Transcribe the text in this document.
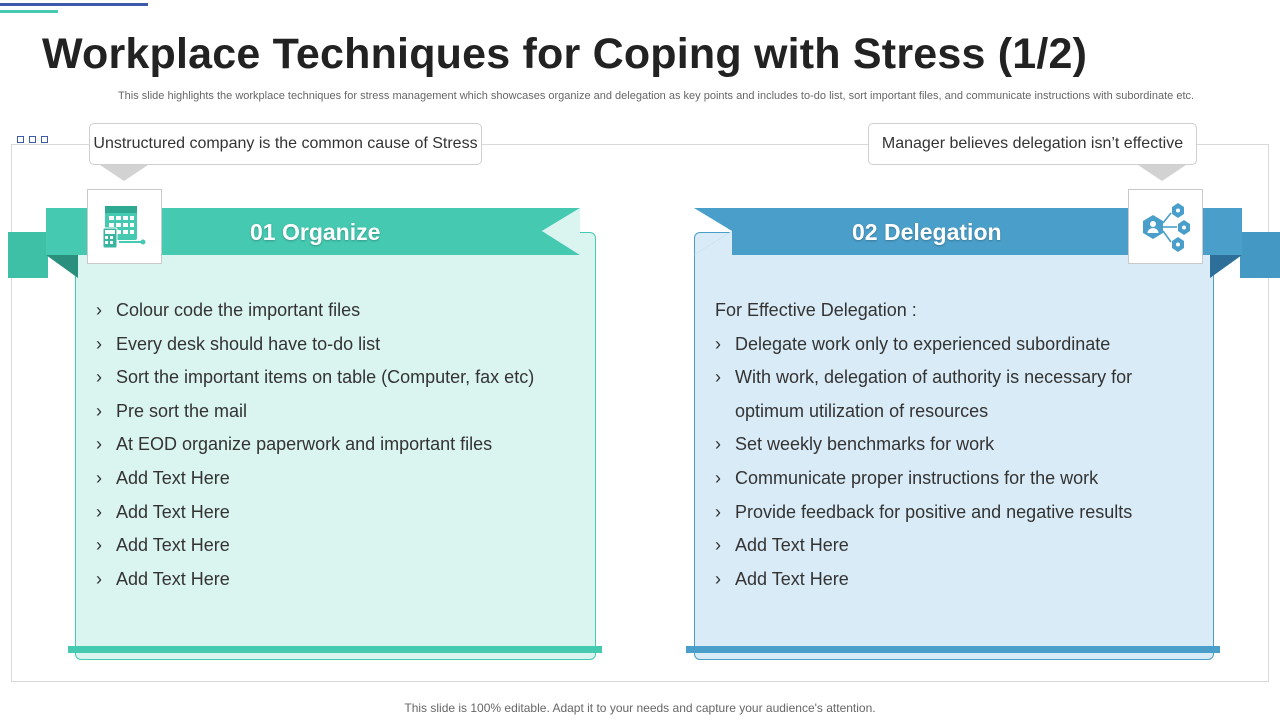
Workplace Techniques for Coping with Stress (1/2)
This slide highlights the workplace techniques for stress management which showcases organize and delegation as key points and includes to-do list, sort important files, and communicate instructions with subordinate etc.
Unstructured company is the common cause of Stress	Manager believes delegation isn’t effective
01 Organize
› Colour code the important files
› Every desk should have to-do list
› Sort the important items on table (Computer, fax etc)
› Pre sort the mail
› At EOD organize paperwork and important files
› Add Text Here
› Add Text Here
› Add Text Here
› Add Text Here
02 Delegation
For Effective Delegation :
› Delegate work only to experienced subordinate
› With work, delegation of authority is necessary for
optimum utilization of resources
› Set weekly benchmarks for work
› Communicate proper instructions for the work
› Provide feedback for positive and negative results
› Add Text Here
› Add Text Here
This slide is 100% editable. Adapt it to your needs and capture your audience's attention.
